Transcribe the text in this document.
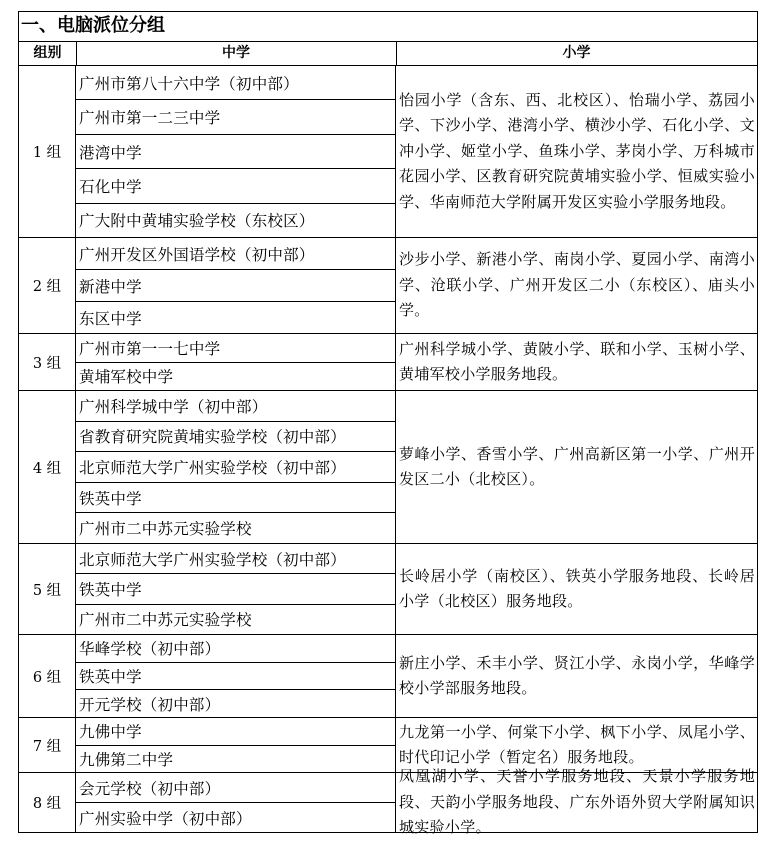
一、电脑派位分组
组别	中学	小学
1 组
广州市第八十六中学（初中部）
广州市第一二三中学
港湾中学
石化中学
广大附中黄埔实验学校（东校区）
怡园小学（含东、西、北校区）、怡瑞小学、荔园小学、下沙小学、港湾小学、横沙小学、石化小学、文冲小学、姬堂小学、鱼珠小学、茅岗小学、万科城市花园小学、区教育研究院黄埔实验小学、恒威实验小学、华南师范大学附属开发区实验小学服务地段。
2 组
广州开发区外国语学校（初中部）
新港中学
东区中学
沙步小学、新港小学、南岗小学、夏园小学、南湾小学、沧联小学、广州开发区二小（东校区）、庙头小学。
3 组
广州市第一一七中学
黄埔军校中学
广州科学城小学、黄陂小学、联和小学、玉树小学、黄埔军校小学服务地段。
4 组
广州科学城中学（初中部）
省教育研究院黄埔实验学校（初中部）
北京师范大学广州实验学校（初中部）
铁英中学
广州市二中苏元实验学校
萝峰小学、香雪小学、广州高新区第一小学、广州开发区二小（北校区）。
5 组
北京师范大学广州实验学校（初中部）
铁英中学
广州市二中苏元实验学校
长岭居小学（南校区）、铁英小学服务地段、长岭居小学（北校区）服务地段。
6 组
华峰学校（初中部）
铁英中学
开元学校（初中部）
新庄小学、禾丰小学、贤江小学、永岗小学，华峰学校小学部服务地段。
7 组
九佛中学
九佛第二中学
九龙第一小学、何棠下小学、枫下小学、凤尾小学、时代印记小学（暂定名）服务地段。
8 组
会元学校（初中部）
广州实验中学（初中部）
凤凰湖小学、天誉小学服务地段、天景小学服务地段、天韵小学服务地段、广东外语外贸大学附属知识城实验小学。
